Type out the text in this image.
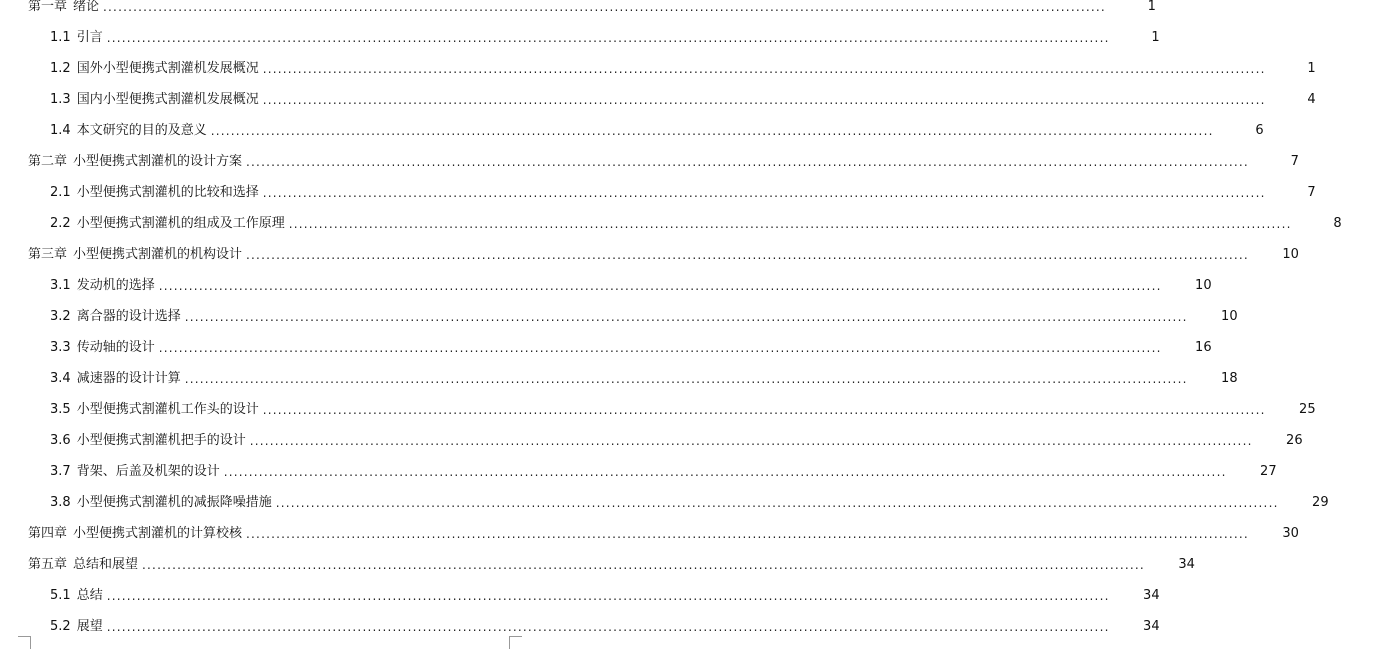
第一章 绪论 ........................................................................................................................................................................................................	1
1.1 引言 ........................................................................................................................................................................................................	1
1.2 国外小型便携式割灌机发展概况 ........................................................................................................................................................................................................	1
1.3 国内小型便携式割灌机发展概况 ........................................................................................................................................................................................................	4
1.4 本文研究的目的及意义 ........................................................................................................................................................................................................	6
第二章 小型便携式割灌机的设计方案 ........................................................................................................................................................................................................	7
2.1 小型便携式割灌机的比较和选择 ........................................................................................................................................................................................................	7
2.2 小型便携式割灌机的组成及工作原理 ........................................................................................................................................................................................................	8
第三章 小型便携式割灌机的机构设计 ........................................................................................................................................................................................................	10
3.1 发动机的选择 ........................................................................................................................................................................................................	10
3.2 离合器的设计选择 ........................................................................................................................................................................................................	10
3.3 传动轴的设计 ........................................................................................................................................................................................................	16
3.4 减速器的设计计算 ........................................................................................................................................................................................................	18
3.5 小型便携式割灌机工作头的设计 ........................................................................................................................................................................................................	25
3.6 小型便携式割灌机把手的设计 ........................................................................................................................................................................................................	26
3.7 背架、后盖及机架的设计 ........................................................................................................................................................................................................	27
3.8 小型便携式割灌机的减振降噪措施 ........................................................................................................................................................................................................	29
第四章 小型便携式割灌机的计算校核 ........................................................................................................................................................................................................	30
第五章 总结和展望 ........................................................................................................................................................................................................	34
5.1 总结 ........................................................................................................................................................................................................	34
5.2 展望 ........................................................................................................................................................................................................	34
